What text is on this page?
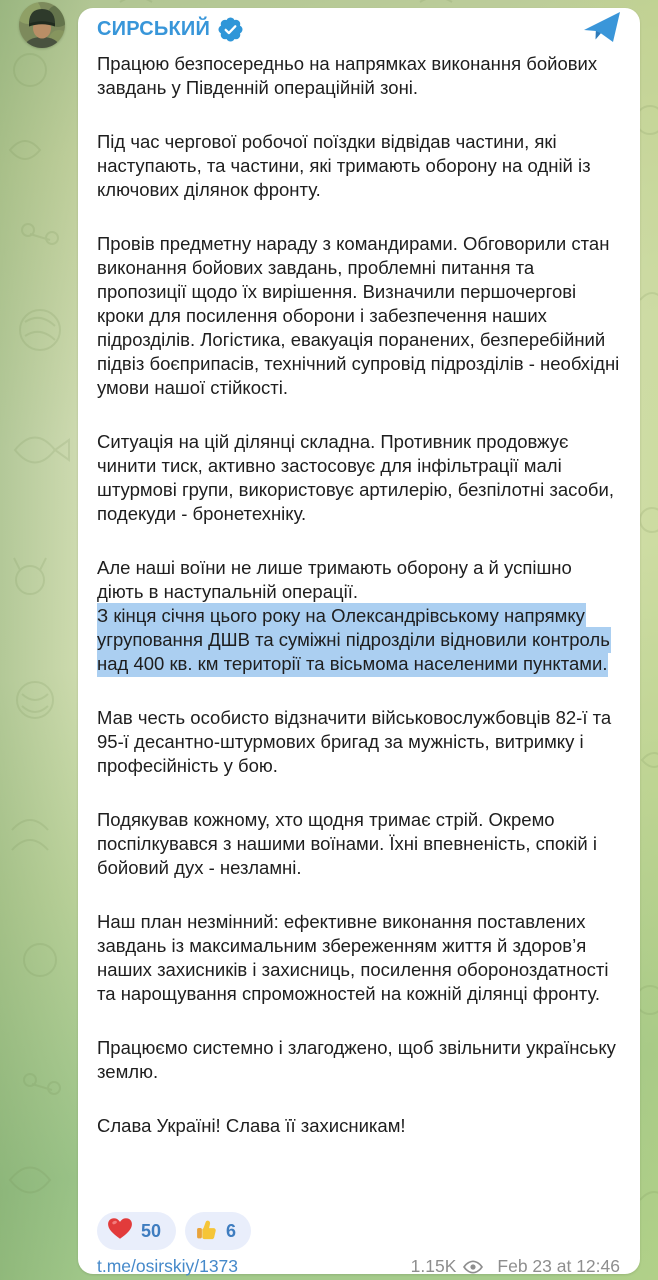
СИРСЬКИЙ

Працюю безпосередньо на напрямках виконання бойових завдань у Південній операційній зоні.

Під час чергової робочої поїздки відвідав частини, які наступають, та частини, які тримають оборону на одній із ключових ділянок фронту.

Провів предметну нараду з командирами. Обговорили стан виконання бойових завдань, проблемні питання та пропозиції щодо їх вирішення. Визначили першочергові кроки для посилення оборони і забезпечення наших підрозділів. Логістика, евакуація поранених, безперебійний підвіз боєприпасів, технічний супровід підрозділів - необхідні умови нашої стійкості.

Ситуація на цій ділянці складна. Противник продовжує чинити тиск, активно застосовує для інфільтрації малі штурмові групи, використовує артилерію, безпілотні засоби, подекуди - бронетехніку.

Але наші воїни не лише тримають оборону а й успішно діють в наступальній операції.
З кінця січня цього року на Олександрівському напрямку угруповання ДШВ та суміжні підрозділи відновили контроль над 400 кв. км території та вісьмома населеними пунктами.

Мав честь особисто відзначити військовослужбовців 82-ї та 95-ї десантно-штурмових бригад за мужність, витримку і професійність у бою.

Подякував кожному, хто щодня тримає стрій. Окремо поспілкувався з нашими воїнами. Їхні впевненість, спокій і бойовий дух - незламні.

Наш план незмінний: ефективне виконання поставлених завдань із максимальним збереженням життя й здоров’я наших захисників і захисниць, посилення обороноздатності та нарощування спроможностей на кожній ділянці фронту.

Працюємо системно і злагоджено, щоб звільнити українську землю.

Слава Україні! Слава її захисникам!

50	6
t.me/osirskiy/1373	1.15K Feb 23 at 12:46
